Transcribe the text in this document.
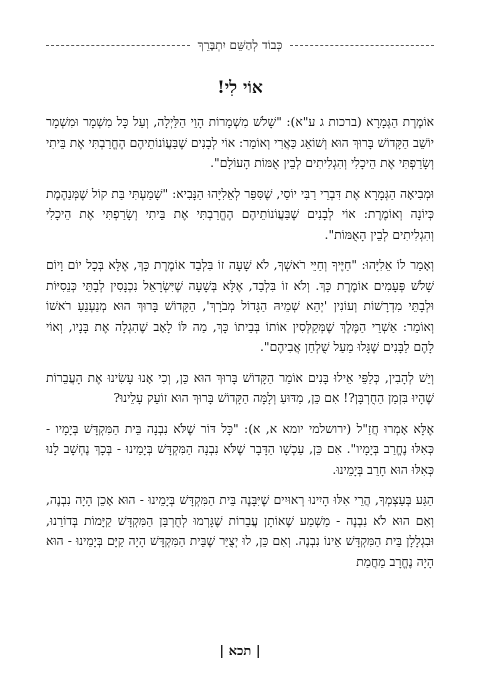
כְּבוֹד לְהַשֵּׁם יִתְבָּרֵךְ
אוֹי לִי!

אוֹמֶרֶת הַגְּמָרָא (ברכות ג ע"א): "שָׁלֹשׁ מִשְׁמָרוֹת הָוֵי הַלַּיְלָה, וְעַל כָּל מִשְׁמָר וּמִשְׁמָר יוֹשֵׁב הַקָּדוֹשׁ בָּרוּךְ הוּא וְשׁוֹאֵג כַּאֲרִי וְאוֹמֵר: אוֹי לְבָנִים שֶׁבַּעֲוֹנוֹתֵיהֶם הֶחֱרַבְתִּי אֶת בֵּיתִי וְשָׂרַפְתִּי אֶת הֵיכָלִי וְהִגְלִיתִים לְבֵין אֻמּוֹת הָעוֹלָם".

וּמְבִיאָה הַגְּמָרָא אֶת דִּבְרֵי רַבִּי יוֹסֵי, שֶׁסִּפֵּר לְאֵלִיָּהוּ הַנָּבִיא: "שָׁמַעְתִּי בַּת קוֹל שֶׁמְּנַהֶמֶת כְּיוֹנָה וְאוֹמֶרֶת: אוֹי לְבָנִים שֶׁבַּעֲוֹנוֹתֵיהֶם הֶחֱרַבְתִּי אֶת בֵּיתִי וְשָׂרַפְתִּי אֶת הֵיכָלִי וְהִגְלִיתִים לְבֵין הָאֻמּוֹת".

וְאָמַר לוֹ אֵלִיָּהוּ: "חַיֶּיךָ וְחַיֵּי רֹאשְׁךָ, לֹא שָׁעָה זוֹ בִּלְבַד אוֹמֶרֶת כָּךְ, אֶלָּא בְּכָל יוֹם וָיוֹם שָׁלֹשׁ פְּעָמִים אוֹמֶרֶת כָּךְ. וְלֹא זוֹ בִּלְבַד, אֶלָּא בְּשָׁעָה שֶׁיִּשְׂרָאֵל נִכְנָסִין לְבָתֵּי כְּנֵסִיּוֹת וּלְבָתֵּי מִדְרָשׁוֹת וְעוֹנִין 'יְהֵא שְׁמֵיהּ הַגָּדוֹל מְבֹרָךְ', הַקָּדוֹשׁ בָּרוּךְ הוּא מְנַעְנֵעַ רֹאשׁוֹ וְאוֹמֵר: אַשְׁרֵי הַמֶּלֶךְ שֶׁמְּקַלְּסִין אוֹתוֹ בְּבֵיתוֹ כָּךְ, מַה לּוֹ לָאָב שֶׁהִגְלָה אֶת בָּנָיו, וְאוֹי לָהֶם לַבָּנִים שֶׁגָּלוּ מֵעַל שֻׁלְחַן אֲבִיהֶם".

וְיֵשׁ לְהָבִין, כְּלַפֵּי אֵילוּ בָּנִים אוֹמֵר הַקָּדוֹשׁ בָּרוּךְ הוּא כֵּן, וְכִי אָנוּ עָשִׂינוּ אֶת הָעֲבֵרוֹת שֶׁהָיוּ בִּזְמַן הַחֻרְבָּן?! אִם כֵּן, מַדּוּעַ וְלָמָּה הַקָּדוֹשׁ בָּרוּךְ הוּא זוֹעֵק עָלֵינוּ?

אֶלָּא אָמְרוּ חֲזַ"ל (ירושלמי יומא א, א): "כָּל דּוֹר שֶׁלֹּא נִבְנָה בֵּית הַמִּקְדָּשׁ בְּיָמָיו - כְּאִלּוּ נֶחֱרַב בְּיָמָיו". אִם כֵּן, עַכְשָׁו הַדָּבָר שֶׁלֹּא נִבְנָה הַמִּקְדָּשׁ בְּיָמֵינוּ - בְּכָךְ נֶחְשָׁב לָנוּ כְּאִלּוּ הוּא חָרֵב בְּיָמֵינוּ.

הַגַּע בְּעַצְמְךָ, הֲרֵי אִלּוּ הָיִינוּ רְאוּיִים שֶׁיִּבָּנֶה בֵּית הַמִּקְדָּשׁ בְּיָמֵינוּ - הוּא אָכֵן הָיָה נִבְנֶה, וְאִם הוּא לֹא נִבְנֶה - מַשְׁמַע שֶׁאוֹתָן עֲבֵרוֹת שֶׁגָּרְמוּ לְחֻרְבַּן הַמִּקְדָּשׁ קַיָּמוֹת בְּדוֹרֵנוּ, וּבִגְלָלָן בֵּית הַמִּקְדָּשׁ אֵינוֹ נִבְנֶה. וְאִם כֵּן, לוּ יְצֻיַּר שֶׁבֵּית הַמִּקְדָּשׁ הָיָה קַיָּם בְּיָמֵינוּ - הוּא הָיָה נֶחֱרָב מֵחֲמַת

| תכא |
